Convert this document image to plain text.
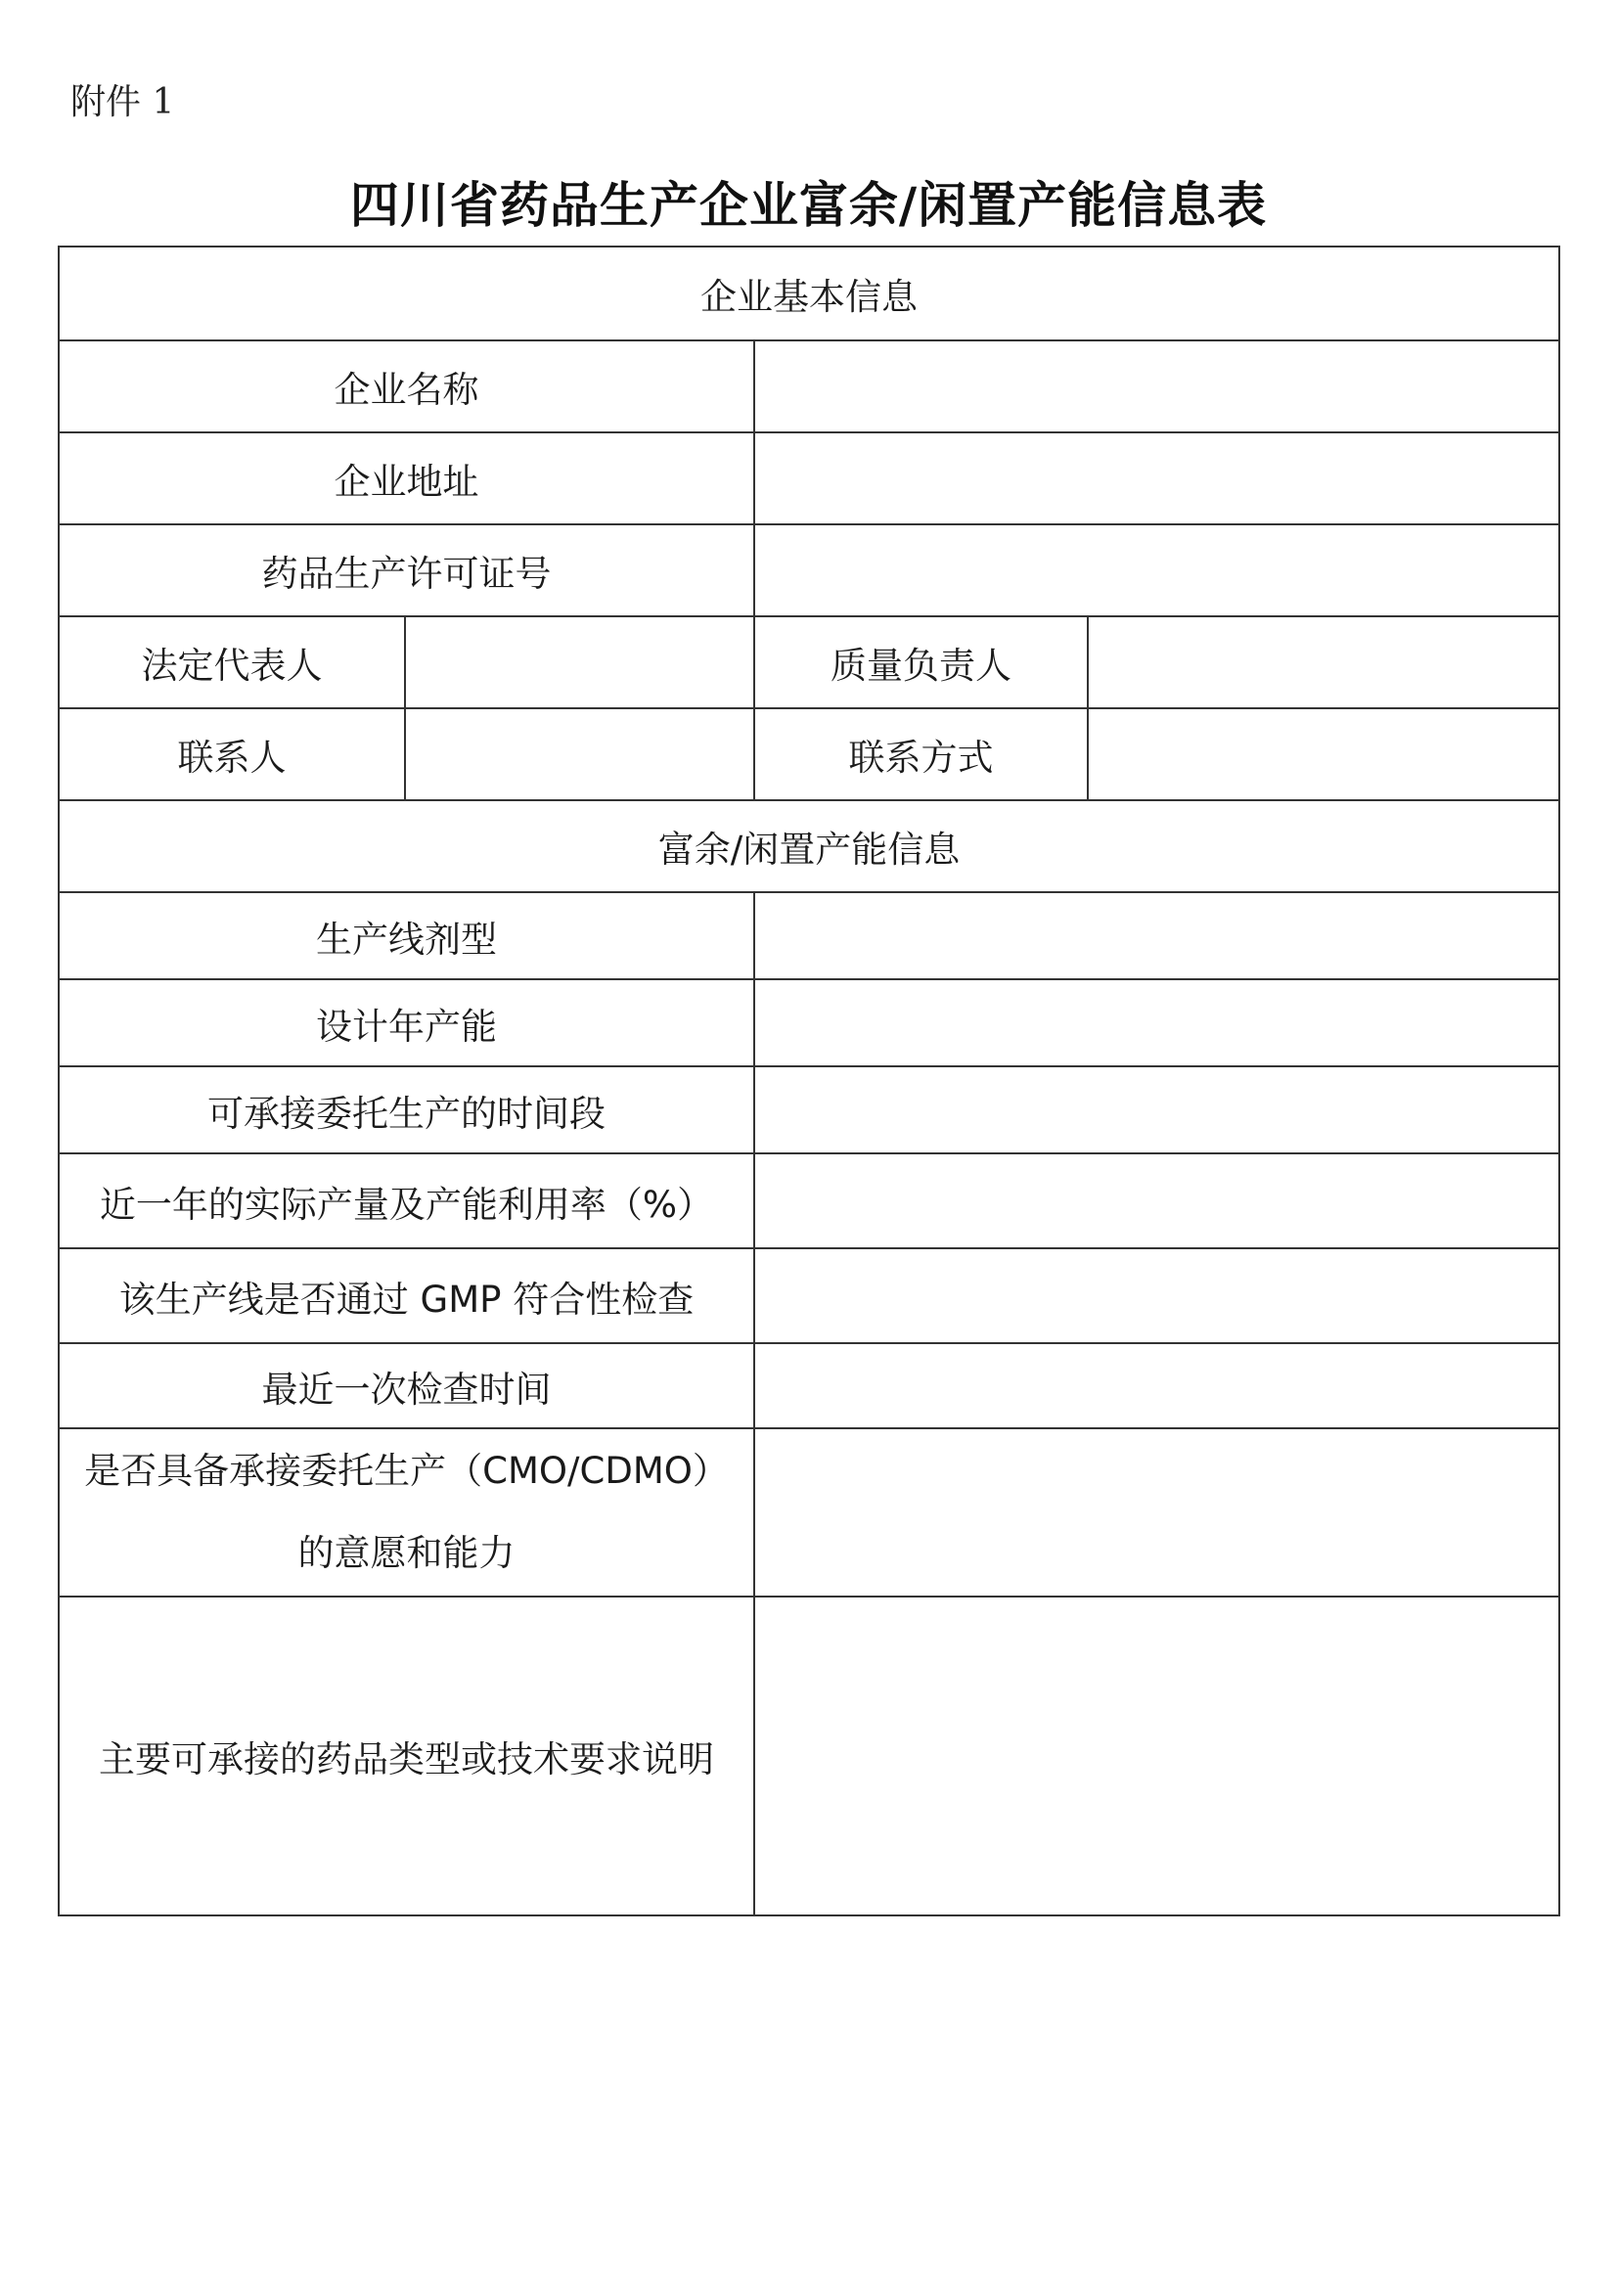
附件 1
四川省药品生产企业富余/闲置产能信息表
企业基本信息			
企业名称			
企业地址			
药品生产许可证号			
法定代表人		质量负责人	
联系人		联系方式	
富余/闲置产能信息			
生产线剂型			
设计年产能			
可承接委托生产的时间段			
近一年的实际产量及产能利用率（%）			
该生产线是否通过 GMP 符合性检查			
最近一次检查时间			
是否具备承接委托生产（CMO/CDMO）
的意愿和能力			
主要可承接的药品类型或技术要求说明			
